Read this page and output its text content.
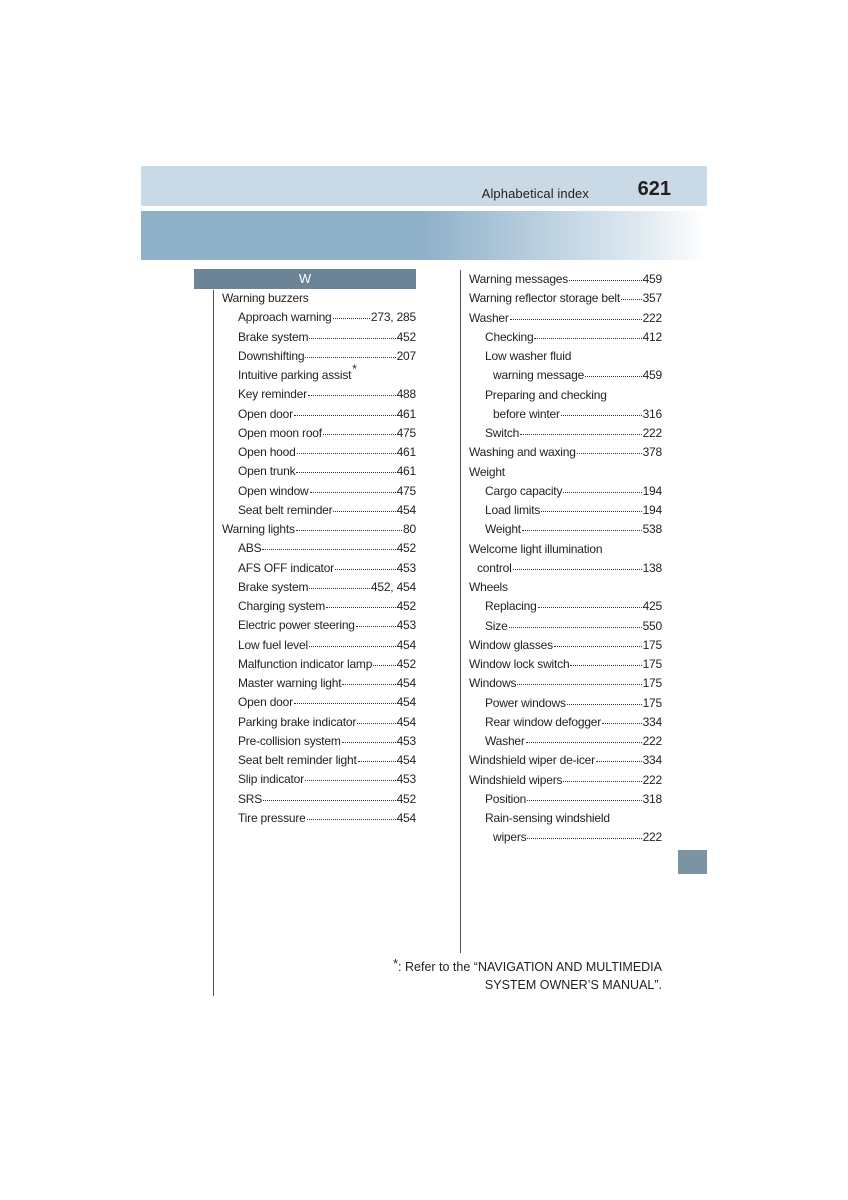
Alphabetical index 621
W
Warning buzzers
Approach warning	273, 285
Brake system	452
Downshifting	207
Intuitive parking assist *
Key reminder	488
Open door	461
Open moon roof	475
Open hood	461
Open trunk	461
Open window	475
Seat belt reminder	454
Warning lights	80
ABS	452
AFS OFF indicator	453
Brake system	452, 454
Charging system	452
Electric power steering	453
Low fuel level	454
Malfunction indicator lamp 452
Master warning light	454
Open door	454
Parking brake indicator	454
Pre-collision system	453
Seat belt reminder light	454
Slip indicator	453
SRS	452
Tire pressure	454
Warning messages	459
Warning reflector storage belt 357
Washer	222
Checking	412
Low washer fluid
warning message	459
Preparing and checking
before winter	316
Switch	222
Washing and waxing	378
Weight
Cargo capacity	194
Load limits	194
Weight	538
Welcome light illumination
control	138
Wheels
Replacing	425
Size	550
Window glasses	175
Window lock switch	175
Windows	175
Power windows	175
Rear window defogger	334
Washer	222
Windshield wiper de-icer	334
Windshield wipers	222
Position	318
Rain-sensing windshield
wipers	222
*: Refer to the “NAVIGATION AND MULTIMEDIA
SYSTEM OWNER’S MANUAL”.
